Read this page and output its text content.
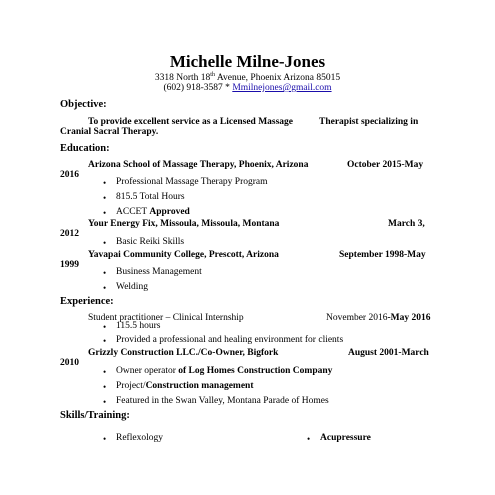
Michelle Milne-Jones
3318 North 18th Avenue, Phoenix Arizona 85015
(602) 918-3587 * Mmilnejones@gmail.com
Objective:
To provide excellent service as a Licensed Massage	Therapist specializing in
Cranial Sacral Therapy.
Education:
Arizona School of Massage Therapy, Phoenix, Arizona	October 2015-May
2016
• Professional Massage Therapy Program
• 815.5 Total Hours
• ACCET Approved
Your Energy Fix, Missoula, Missoula, Montana	March 3,
2012
• Basic Reiki Skills
Yavapai Community College, Prescott, Arizona	September 1998-May
1999
• Business Management
• Welding
Experience:
Student practitioner – Clinical Internship	November 2016-May 2016
• 115.5 hours
• Provided a professional and healing environment for clients
Grizzly Construction LLC./Co-Owner, Bigfork	August 2001-March
2010
• Owner operator of Log Homes Construction Company
• Project/Construction management
• Featured in the Swan Valley, Montana Parade of Homes
Skills/Training:
• Reflexology	• Acupressure
